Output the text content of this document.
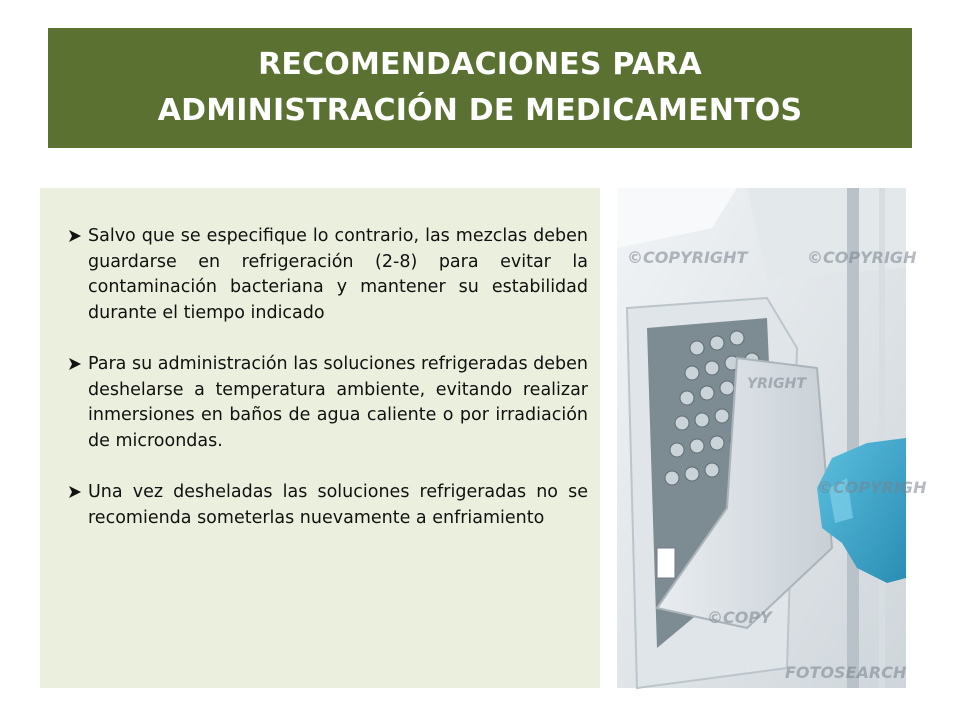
RECOMENDACIONES PARA
ADMINISTRACIÓN DE MEDICAMENTOS
Salvo que se especifique lo contrario, las mezclas deben guardarse en refrigeración (2-8) para evitar la contaminación bacteriana y mantener su estabilidad durante el tiempo indicado
Para su administración las soluciones refrigeradas deben deshelarse a temperatura ambiente, evitando realizar inmersiones en baños de agua caliente o por irradiación de microondas.
Una vez desheladas las soluciones refrigeradas no se recomienda someterlas nuevamente a enfriamiento
©COPYRIGHT	©COPYRIGH
YRIGHT
©COPYRIGH
©COPY
FOTOSEARCH
